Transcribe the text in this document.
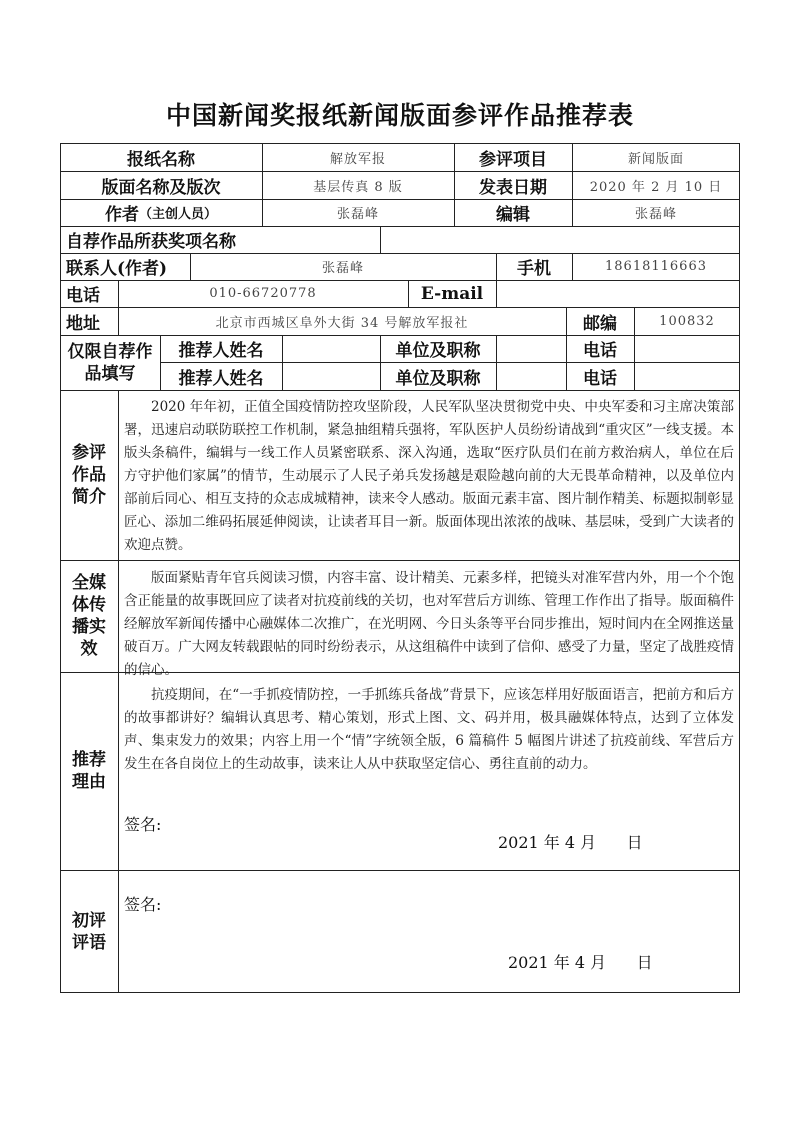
中国新闻奖报纸新闻版面参评作品推荐表
报纸名称	解放军报	参评项目	新闻版面
版面名称及版次	基层传真 8 版	发表日期	2020 年 2 月 10 日
作者 （主创人员）	张磊峰	编辑	张磊峰
自荐作品所获奖项名称
联系人(作者)	张磊峰	手机	18618116663
电话	010-66720778	E-mail
地址	北京市西城区阜外大街 34 号解放军报社	邮编	100832
仅限自荐作品填写
推荐人姓名	单位及职称	电话
推荐人姓名	单位及职称	电话
参评
作品
简介
2020 年年初，正值全国疫情防控攻坚阶段，人民军队坚决贯彻党中央、中央军委和习主席决策部署，迅速启动联防联控工作机制，紧急抽组精兵强将，军队医护人员纷纷请战到“重灾区”一线支援。本版头条稿件，编辑与一线工作人员紧密联系、深入沟通，选取“医疗队员们在前方救治病人，单位在后方守护他们家属”的情节，生动展示了人民子弟兵发扬越是艰险越向前的大无畏革命精神，以及单位内部前后同心、相互支持的众志成城精神，读来令人感动。版面元素丰富、图片制作精美、标题拟制彰显匠心、添加二维码拓展延伸阅读，让读者耳目一新。版面体现出浓浓的战味、基层味，受到广大读者的欢迎点赞。
全媒
体传
播实
效
版面紧贴青年官兵阅读习惯，内容丰富、设计精美、元素多样，把镜头对准军营内外，用一个个饱含正能量的故事既回应了读者对抗疫前线的关切，也对军营后方训练、管理工作作出了指导。版面稿件经解放军新闻传播中心融媒体二次推广，在光明网、今日头条等平台同步推出，短时间内在全网推送量破百万。广大网友转载跟帖的同时纷纷表示，从这组稿件中读到了信仰、感受了力量，坚定了战胜疫情的信心。
推荐
理由
抗疫期间，在“一手抓疫情防控，一手抓练兵备战”背景下，应该怎样用好版面语言，把前方和后方的故事都讲好？编辑认真思考、精心策划，形式上图、文、码并用，极具融媒体特点，达到了立体发声、集束发力的效果；内容上用一个“情”字统领全版，6 篇稿件 5 幅图片讲述了抗疫前线、军营后方发生在各自岗位上的生动故事，读来让人从中获取坚定信心、勇往直前的动力。
签名:
2021 年 4 月      日
初评
评语
签名:
2021 年 4 月      日
